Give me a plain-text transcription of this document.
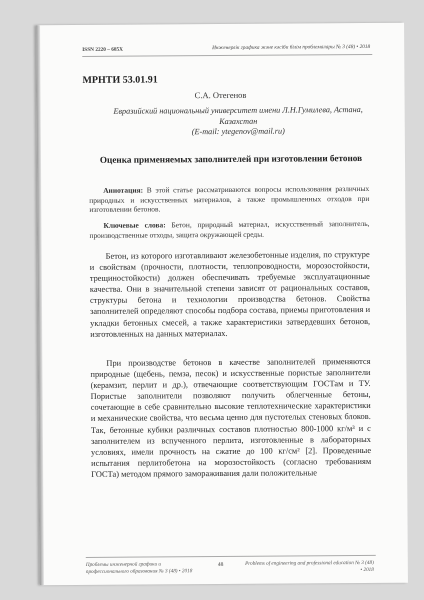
ISSN 2220 – 685X	Инженерлік графика және кәсіби білім проблемалары № 3 (48) • 2018
МРНТИ 53.01.91
С.А. Отегенов
Евразийский национальный университет имени Л.Н.Гумилева, Астана,
Казахстан
(E-mail: ytegenov@mail.ru)
Оценка применяемых заполнителей при изготовлении бетонов
Аннотация: В этой статье рассматриваются вопросы использования различных природных и искусственных материалов, а также промышленных отходов при изготовлении бетонов.
Ключевые слова: Бетон, природный материал, искусственный заполнитель, производственные отходы, защита окружающей среды.
Бетон, из которого изготавливают железобетонные изделия, по структуре и свойствам (прочности, плотности, теплопроводности, морозостойкости, трещиностойкости) должен обеспечивать требуемые эксплуатационные качества. Они в значительной степени зависят от рациональных составов, структуры бетона и технологии производства бетонов. Свойства заполнителей определяют способы подбора состава, приемы приготовления и укладки бетонных смесей, а также характеристики затвердевших бетонов, изготовленных на данных материалах.
При производстве бетонов в качестве заполнителей применяются природные (щебень, пемза, песок) и искусственные пористые заполнители (керамзит, перлит и др.), отвечающие соответствующим ГОСТам и ТУ. Пористые заполнители позволяют получить облегченные бетоны, сочетающие в себе сравнительно высокие теплотехнические характеристики и механические свойства, что весьма ценно для пустотелых стеновых блоков. Так, бетонные кубики различных составов плотностью 800-1000 кг/м³ и с заполнителем из вспученного перлита, изготовленные в лабораторных условиях, имели прочность на сжатие до 100 кг/см² [2]. Проведенные испытания перлитобетона на морозостойкость (согласно требованиям ГОСТа) методом прямого замораживания дали положительные
Проблемы инженерной графики и профессионального образования № 3 (48) • 2018
48	Problems of engineering and professional education № 3 (48) • 2018
